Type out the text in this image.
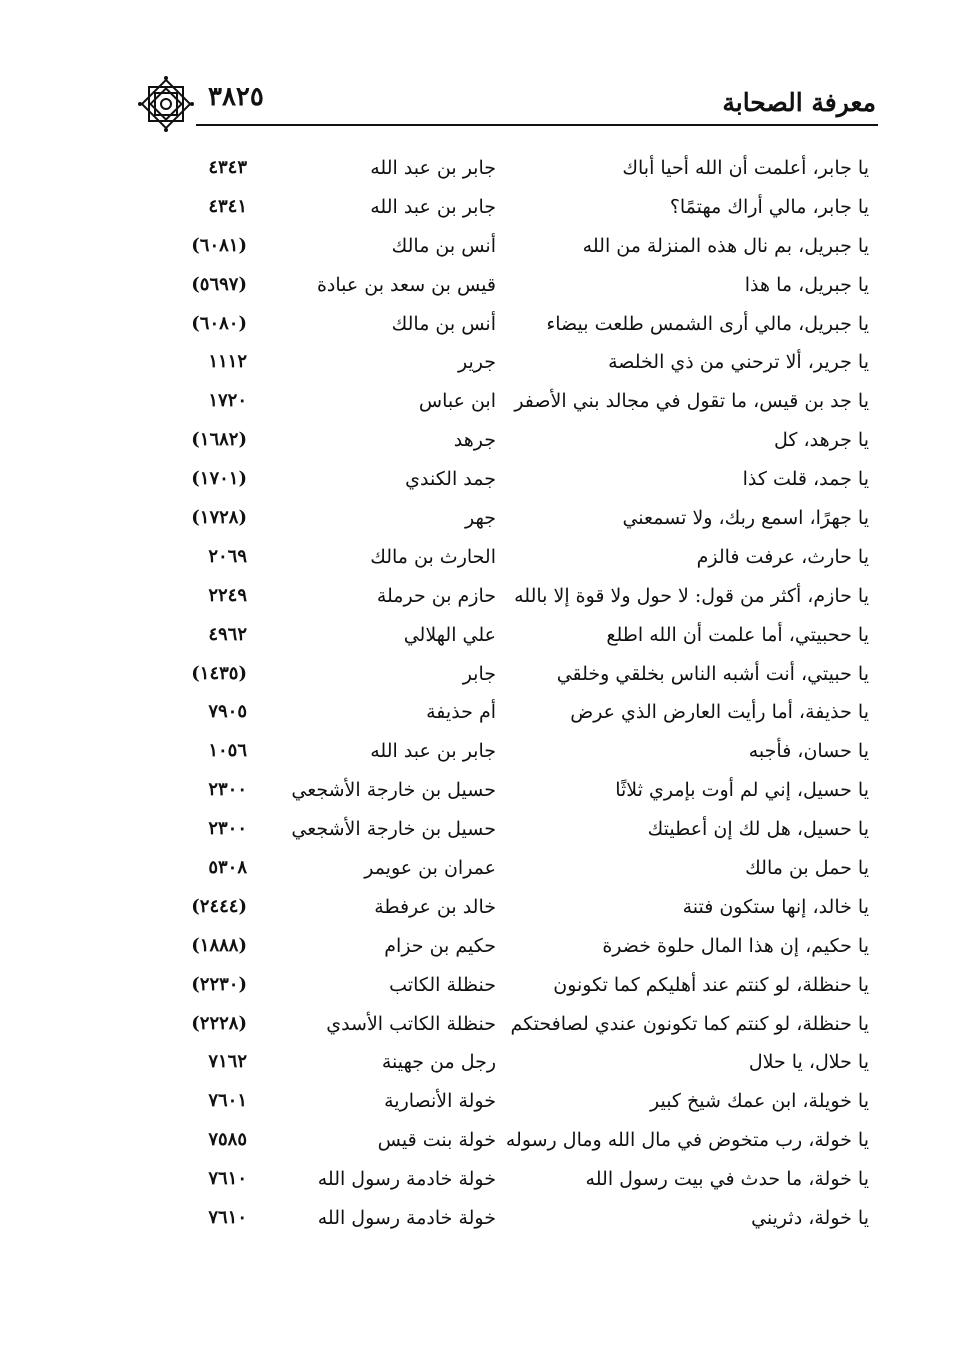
٣٨٢٥	معرفة الصحابة
يا جابر، أعلمت أن الله أحيا أباك
جابر بن عبد الله
٤٣٤٣
يا جابر، مالي أراك مهتمًا؟
جابر بن عبد الله
٤٣٤١
يا جبريل، بم نال هذه المنزلة من الله
أنس بن مالك
(٦٠٨١)
يا جبريل، ما هذا
قيس بن سعد بن عبادة
(٥٦٩٧)
يا جبريل، مالي أرى الشمس طلعت بيضاء
أنس بن مالك
(٦٠٨٠)
يا جرير، ألا ترحني من ذي الخلصة
جرير
١١١٢
يا جد بن قيس، ما تقول في مجالد بني الأصفر
ابن عباس
١٧٢٠
يا جرهد، كل
جرهد
(١٦٨٢)
يا جمد، قلت كذا
جمد الكندي
(١٧٠١)
يا جهرًا، اسمع ربك، ولا تسمعني
جهر
(١٧٢٨)
يا حارث، عرفت فالزم
الحارث بن مالك
٢٠٦٩
يا حازم، أكثر من قول: لا حول ولا قوة إلا بالله
حازم بن حرملة
٢٢٤٩
يا ححبيتي، أما علمت أن الله اطلع
علي الهلالي
٤٩٦٢
يا حبيتي، أنت أشبه الناس بخلقي وخلقي
جابر
(١٤٣٥)
يا حذيفة، أما رأيت العارض الذي عرض
أم حذيفة
٧٩٠٥
يا حسان، فأجبه
جابر بن عبد الله
١٠٥٦
يا حسيل، إني لم أوت بإمري ثلاثًا
حسيل بن خارجة الأشجعي
٢٣٠٠
يا حسيل، هل لك إن أعطيتك
حسيل بن خارجة الأشجعي
٢٣٠٠
يا حمل بن مالك
عمران بن عويمر
٥٣٠٨
يا خالد، إنها ستكون فتنة
خالد بن عرفطة
(٢٤٤٤)
يا حكيم، إن هذا المال حلوة خضرة
حكيم بن حزام
(١٨٨٨)
يا حنظلة، لو كنتم عند أهليكم كما تكونون
حنظلة الكاتب
(٢٢٣٠)
يا حنظلة، لو كنتم كما تكونون عندي لصافحتكم
حنظلة الكاتب الأسدي
(٢٢٢٨)
يا حلال، يا حلال
رجل من جهينة
٧١٦٢
يا خويلة، ابن عمك شيخ كبير
خولة الأنصارية
٧٦٠١
يا خولة، رب متخوض في مال الله ومال رسوله
خولة بنت قيس
٧٥٨٥
يا خولة، ما حدث في بيت رسول الله
خولة خادمة رسول الله
٧٦١٠
يا خولة، دثريني
خولة خادمة رسول الله
٧٦١٠
